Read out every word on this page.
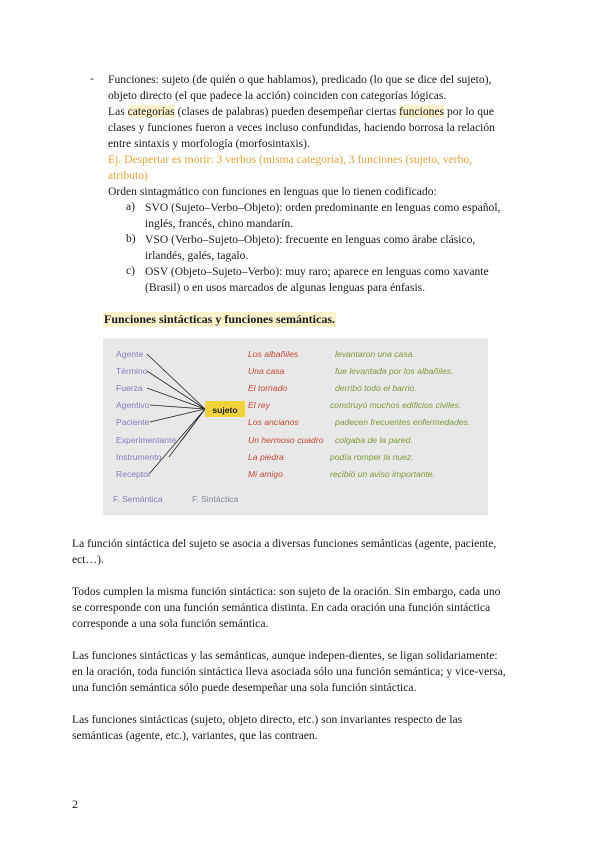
- Funciones: sujeto (de quién o que hablamos), predicado (lo que se dice del sujeto),
objeto directo (el que padece la acción) coinciden con categorías lógicas.
Las categorías (clases de palabras) pueden desempeñar ciertas funciones por lo que
clases y funciones fueron a veces incluso confundidas, haciendo borrosa la relación
entre sintaxis y morfología (morfosintaxis).
Ej. Despertar es morir: 3 verbos (misma categoría), 3 funciones (sujeto, verbo,
atributo)
Orden sintagmático con funciones en lenguas que lo tienen codificado:
a) SVO (Sujeto–Verbo–Objeto): orden predominante en lenguas como español,
inglés, francés, chino mandarín.
b) VSO (Verbo–Sujeto–Objeto): frecuente en lenguas como árabe clásico,
irlandés, galés, tagalo.
c) OSV (Objeto–Sujeto–Verbo): muy raro; aparece en lenguas como xavante
(Brasil) o en usos marcados de algunas lenguas para énfasis.
Funciones sintácticas y funciones semánticas.
sujeto
Agente
Término
Fuerza
Agentivo
Paciente
Experimentante
Instrumento
Receptor
Los albañiles
Una casa
El tornado
El rey
Los ancianos
Un hermoso cuadro
La piedra
Mi amigo
levantaron una casa.
fue levantada por los albañiles.
derribó todo el barrio.
construyó muchos edificios civiles.
padecen frecuentes enfermedades.
colgaba de la pared.
podía romper la nuez.
recibió un aviso importante.
F. Semántica	F. Sintáctica
La función sintáctica del sujeto se asocia a diversas funciones semánticas (agente, paciente,
ect…).
Todos cumplen la misma función sintáctica: son sujeto de la oración. Sin embargo, cada uno
se corresponde con una función semántica distinta. En cada oración una función sintáctica
corresponde a una sola función semántica.
Las funciones sintácticas y las semánticas, aunque indepen-dientes, se ligan solidariamente:
en la oración, toda función sintáctica lleva asociada sólo una función semántica; y vice-versa,
una función semántica sólo puede desempeñar una sola función sintáctica.
Las funciones sintácticas (sujeto, objeto directo, etc.) son invariantes respecto de las
semánticas (agente, etc.), variantes, que las contraen.
2
